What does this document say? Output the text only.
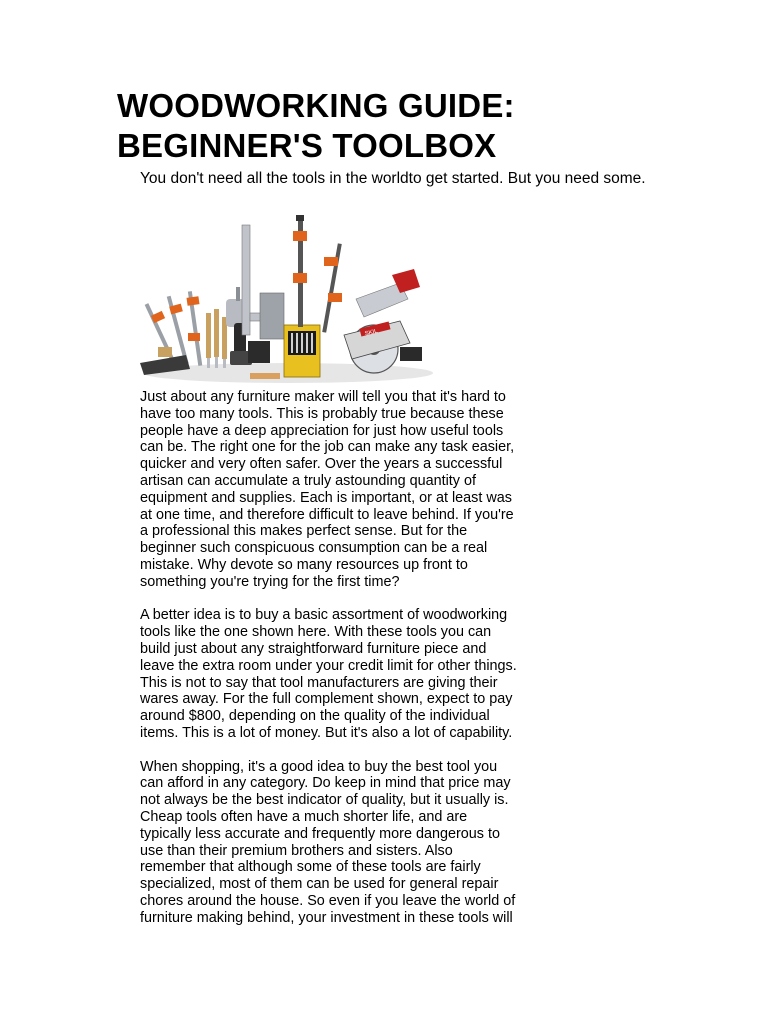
WOODWORKING GUIDE:
BEGINNER'S TOOLBOX

You don't need all the tools in the worldto get started. But you need some.

SKIL

Just about any furniture maker will tell you that it's hard to
have too many tools. This is probably true because these
people have a deep appreciation for just how useful tools
can be. The right one for the job can make any task easier,
quicker and very often safer. Over the years a successful
artisan can accumulate a truly astounding quantity of
equipment and supplies. Each is important, or at least was
at one time, and therefore difficult to leave behind. If you're
a professional this makes perfect sense. But for the
beginner such conspicuous consumption can be a real
mistake. Why devote so many resources up front to
something you're trying for the first time?

A better idea is to buy a basic assortment of woodworking
tools like the one shown here. With these tools you can
build just about any straightforward furniture piece and
leave the extra room under your credit limit for other things.
This is not to say that tool manufacturers are giving their
wares away. For the full complement shown, expect to pay
around $800, depending on the quality of the individual
items. This is a lot of money. But it's also a lot of capability.

When shopping, it's a good idea to buy the best tool you
can afford in any category. Do keep in mind that price may
not always be the best indicator of quality, but it usually is.
Cheap tools often have a much shorter life, and are
typically less accurate and frequently more dangerous to
use than their premium brothers and sisters. Also
remember that although some of these tools are fairly
specialized, most of them can be used for general repair
chores around the house. So even if you leave the world of
furniture making behind, your investment in these tools will
